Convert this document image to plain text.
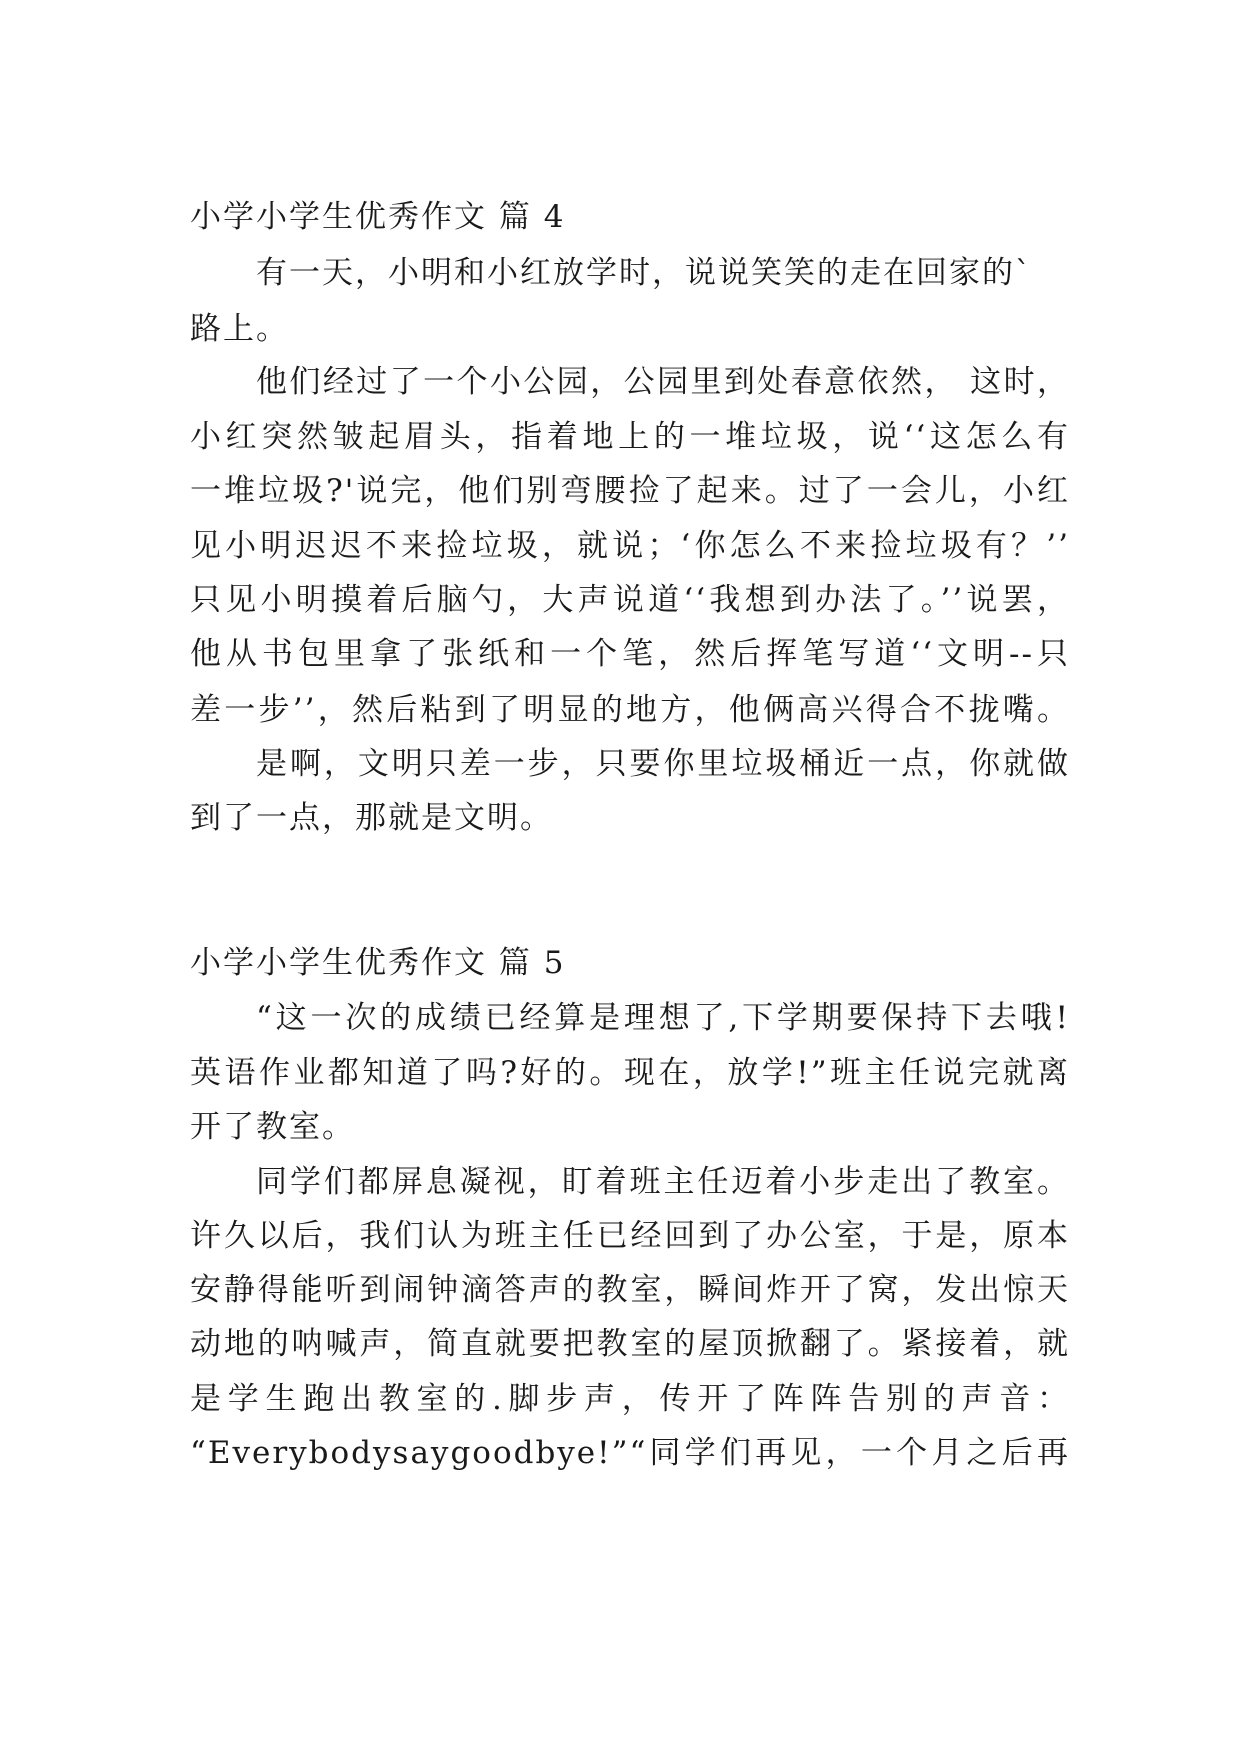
小学小学生优秀作文 篇 4
有一天，小明和小红放学时，说说笑笑的走在回家的`
路上。
他们经过了一个小公园，公园里到处春意依然， 这时，
小红突然皱起眉头，指着地上的一堆垃圾，说‘‘这怎么有
一堆垃圾?'说完，他们别弯腰捡了起来。过了一会儿，小红
见小明迟迟不来捡垃圾，就说；‘你怎么不来捡垃圾有？’’
只见小明摸着后脑勺，大声说道‘‘我想到办法了。’’说罢，
他从书包里拿了张纸和一个笔，然后挥笔写道‘‘文明--只
差一步’’，然后粘到了明显的地方，他俩高兴得合不拢嘴。
是啊，文明只差一步，只要你里垃圾桶近一点，你就做
到了一点，那就是文明。
小学小学生优秀作文 篇 5
“这一次的成绩已经算是理想了,下学期要保持下去哦!
英语作业都知道了吗?好的。现在，放学!”班主任说完就离
开了教室。
同学们都屏息凝视，盯着班主任迈着小步走出了教室。
许久以后，我们认为班主任已经回到了办公室，于是，原本
安静得能听到闹钟滴答声的教室，瞬间炸开了窝，发出惊天
动地的呐喊声，简直就要把教室的屋顶掀翻了。紧接着，就
是学生跑出教室的.脚步声，传开了阵阵告别的声音：
“Everybodysaygoodbye!”“同学们再见，一个月之后再
